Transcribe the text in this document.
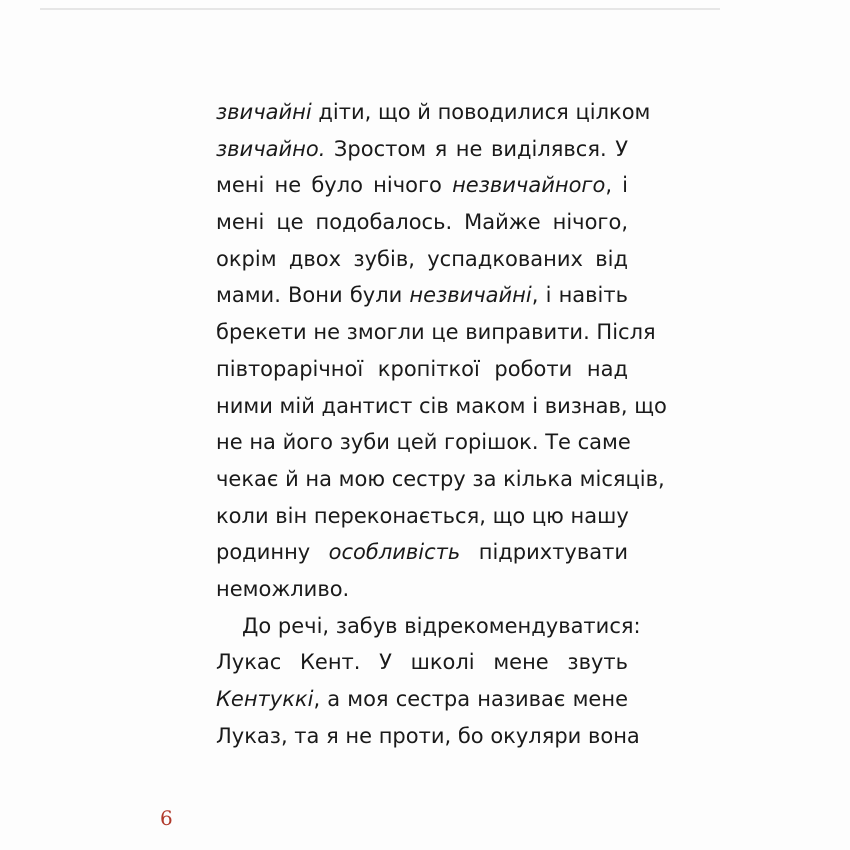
звичайні діти, що й поводилися цілком
звичайно. Зростом я не виділявся. У
мені не було нічого незвичайного, і
мені це подобалось. Майже нічого,
окрім двох зубів, успадкованих від
мами. Вони були незвичайні, і навіть
брекети не змогли це виправити. Після
півторарічної кропіткої роботи над
ними мій дантист сів маком і визнав, що
не на його зуби цей горішок. Те саме
чекає й на мою сестру за кілька місяців,
коли він переконається, що цю нашу
родинну особливість підрихтувати
неможливо.
До речі, забув відрекомендуватися:
Лукас Кент. У школі мене звуть
Кентуккі, а моя сестра називає мене
Луказ, та я не проти, бо окуляри вона
6
